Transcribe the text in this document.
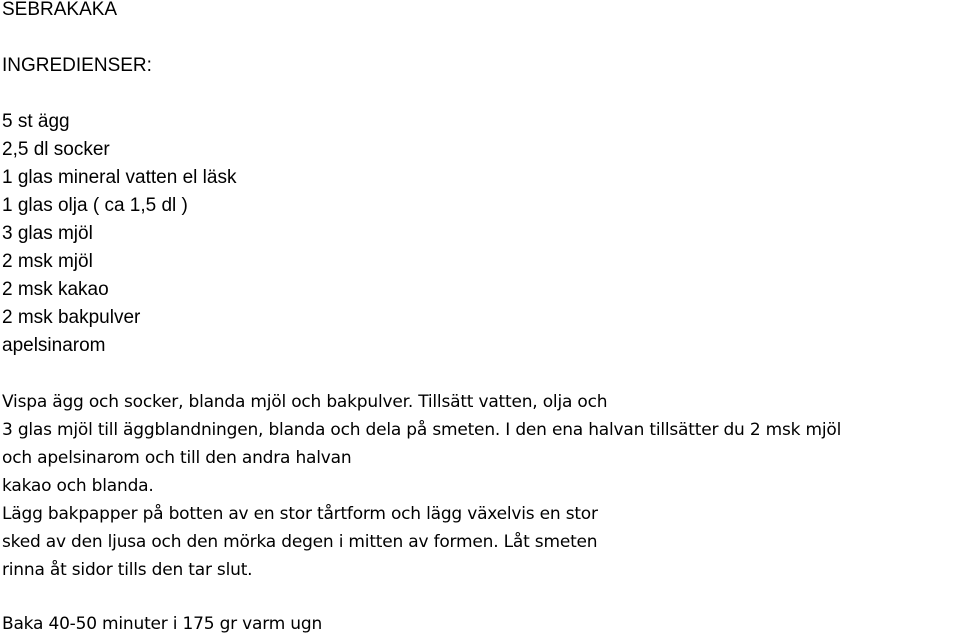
SEBRAKAKA
INGREDIENSER:
5 st ägg
2,5 dl socker
1 glas mineral vatten el läsk
1 glas olja ( ca 1,5 dl )
3 glas mjöl
2 msk mjöl
2 msk kakao
2 msk bakpulver
apelsinarom
Vispa ägg och socker, blanda mjöl och bakpulver. Tillsätt vatten, olja och
3 glas mjöl till äggblandningen, blanda och dela på smeten. I den ena halvan tillsätter du 2 msk mjöl
och apelsinarom och till den andra halvan
kakao och blanda.
Lägg bakpapper på botten av en stor tårtform och lägg växelvis en stor
sked av den ljusa och den mörka degen i mitten av formen. Låt smeten
rinna åt sidor tills den tar slut.
Baka 40-50 minuter i 175 gr varm ugn
